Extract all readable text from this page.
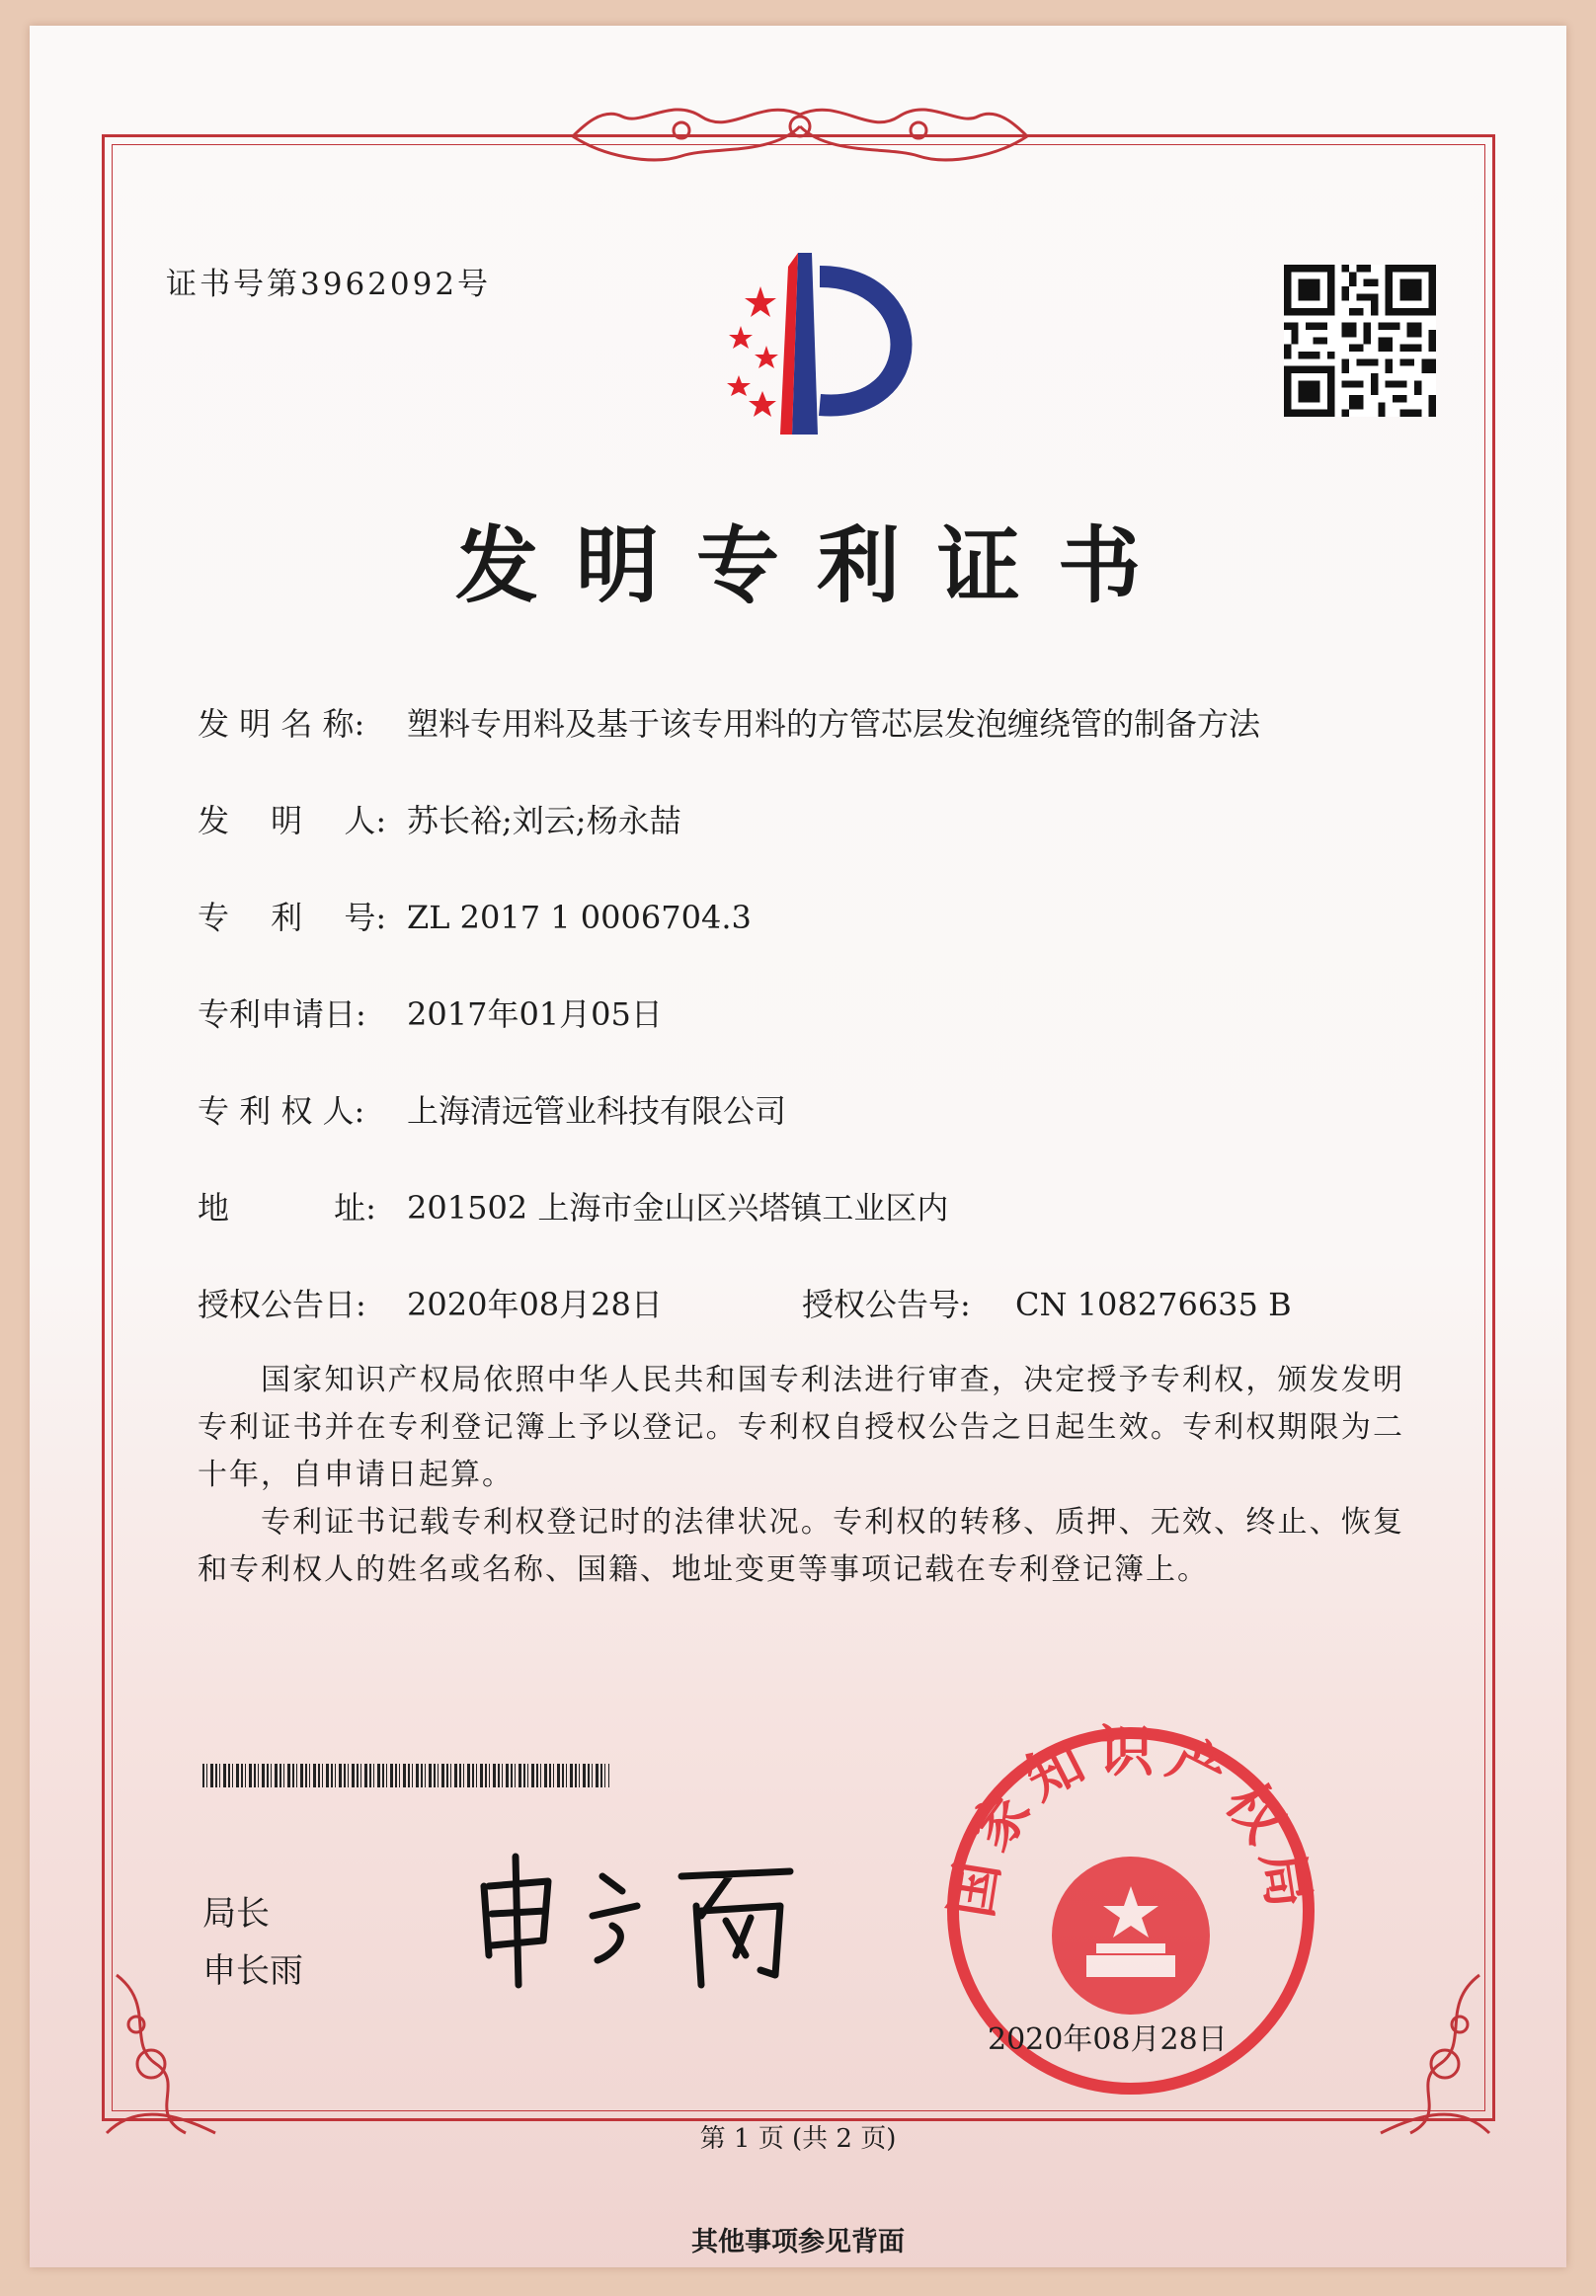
证书号第3962092号
发明专利证书
发 明 名 称: 塑料专用料及基于该专用料的方管芯层发泡缠绕管的制备方法
发　 明　 人: 苏长裕;刘云;杨永喆
专　 利　 号: ZL 2017 1 0006704.3
专利申请日: 2017年01月05日
专 利 权 人: 上海清远管业科技有限公司
地　　　 址: 201502 上海市金山区兴塔镇工业区内
授权公告日: 2020年08月28日	授权公告号: CN 108276635 B

国家知识产权局依照中华人民共和国专利法进行审查，决定授予专利权，颁发发明专利证书并在专利登记簿上予以登记。专利权自授权公告之日起生效。专利权期限为二十年，自申请日起算。

专利证书记载专利权登记时的法律状况。专利权的转移、质押、无效、终止、恢复和专利权人的姓名或名称、国籍、地址变更等事项记载在专利登记簿上。

局长
申长雨
国家知识产权局
2020年08月28日
第 1 页 (共 2 页)
其他事项参见背面
